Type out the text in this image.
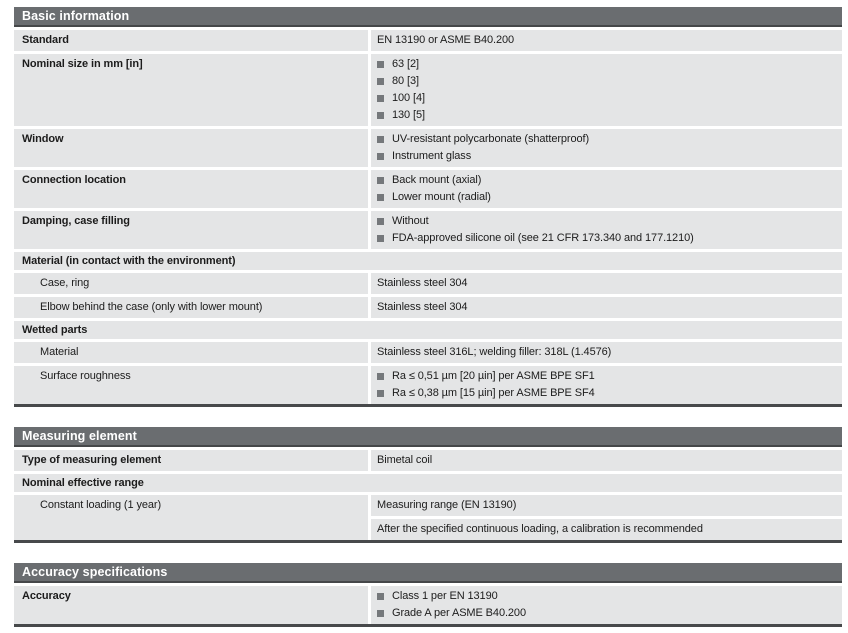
Basic information
Standard	EN 13190 or ASME B40.200
Nominal size in mm [in]	63 [2]
80 [3]
100 [4]
130 [5]
Window	UV-resistant polycarbonate (shatterproof)
Instrument glass
Connection location	Back mount (axial)
Lower mount (radial)
Damping, case filling	Without
FDA-approved silicone oil (see 21 CFR 173.340 and 177.1210)
Material (in contact with the environment)
Case, ring	Stainless steel 304
Elbow behind the case (only with lower mount)	Stainless steel 304
Wetted parts
Material	Stainless steel 316L; welding filler: 318L (1.4576)
Surface roughness	Ra ≤ 0,51 µm [20 µin] per ASME BPE SF1
Ra ≤ 0,38 µm [15 µin] per ASME BPE SF4
Measuring element
Type of measuring element	Bimetal coil
Nominal effective range
Constant loading (1 year)	Measuring range (EN 13190)
After the specified continuous loading, a calibration is recommended
Accuracy specifications
Accuracy	Class 1 per EN 13190
Grade A per ASME B40.200
